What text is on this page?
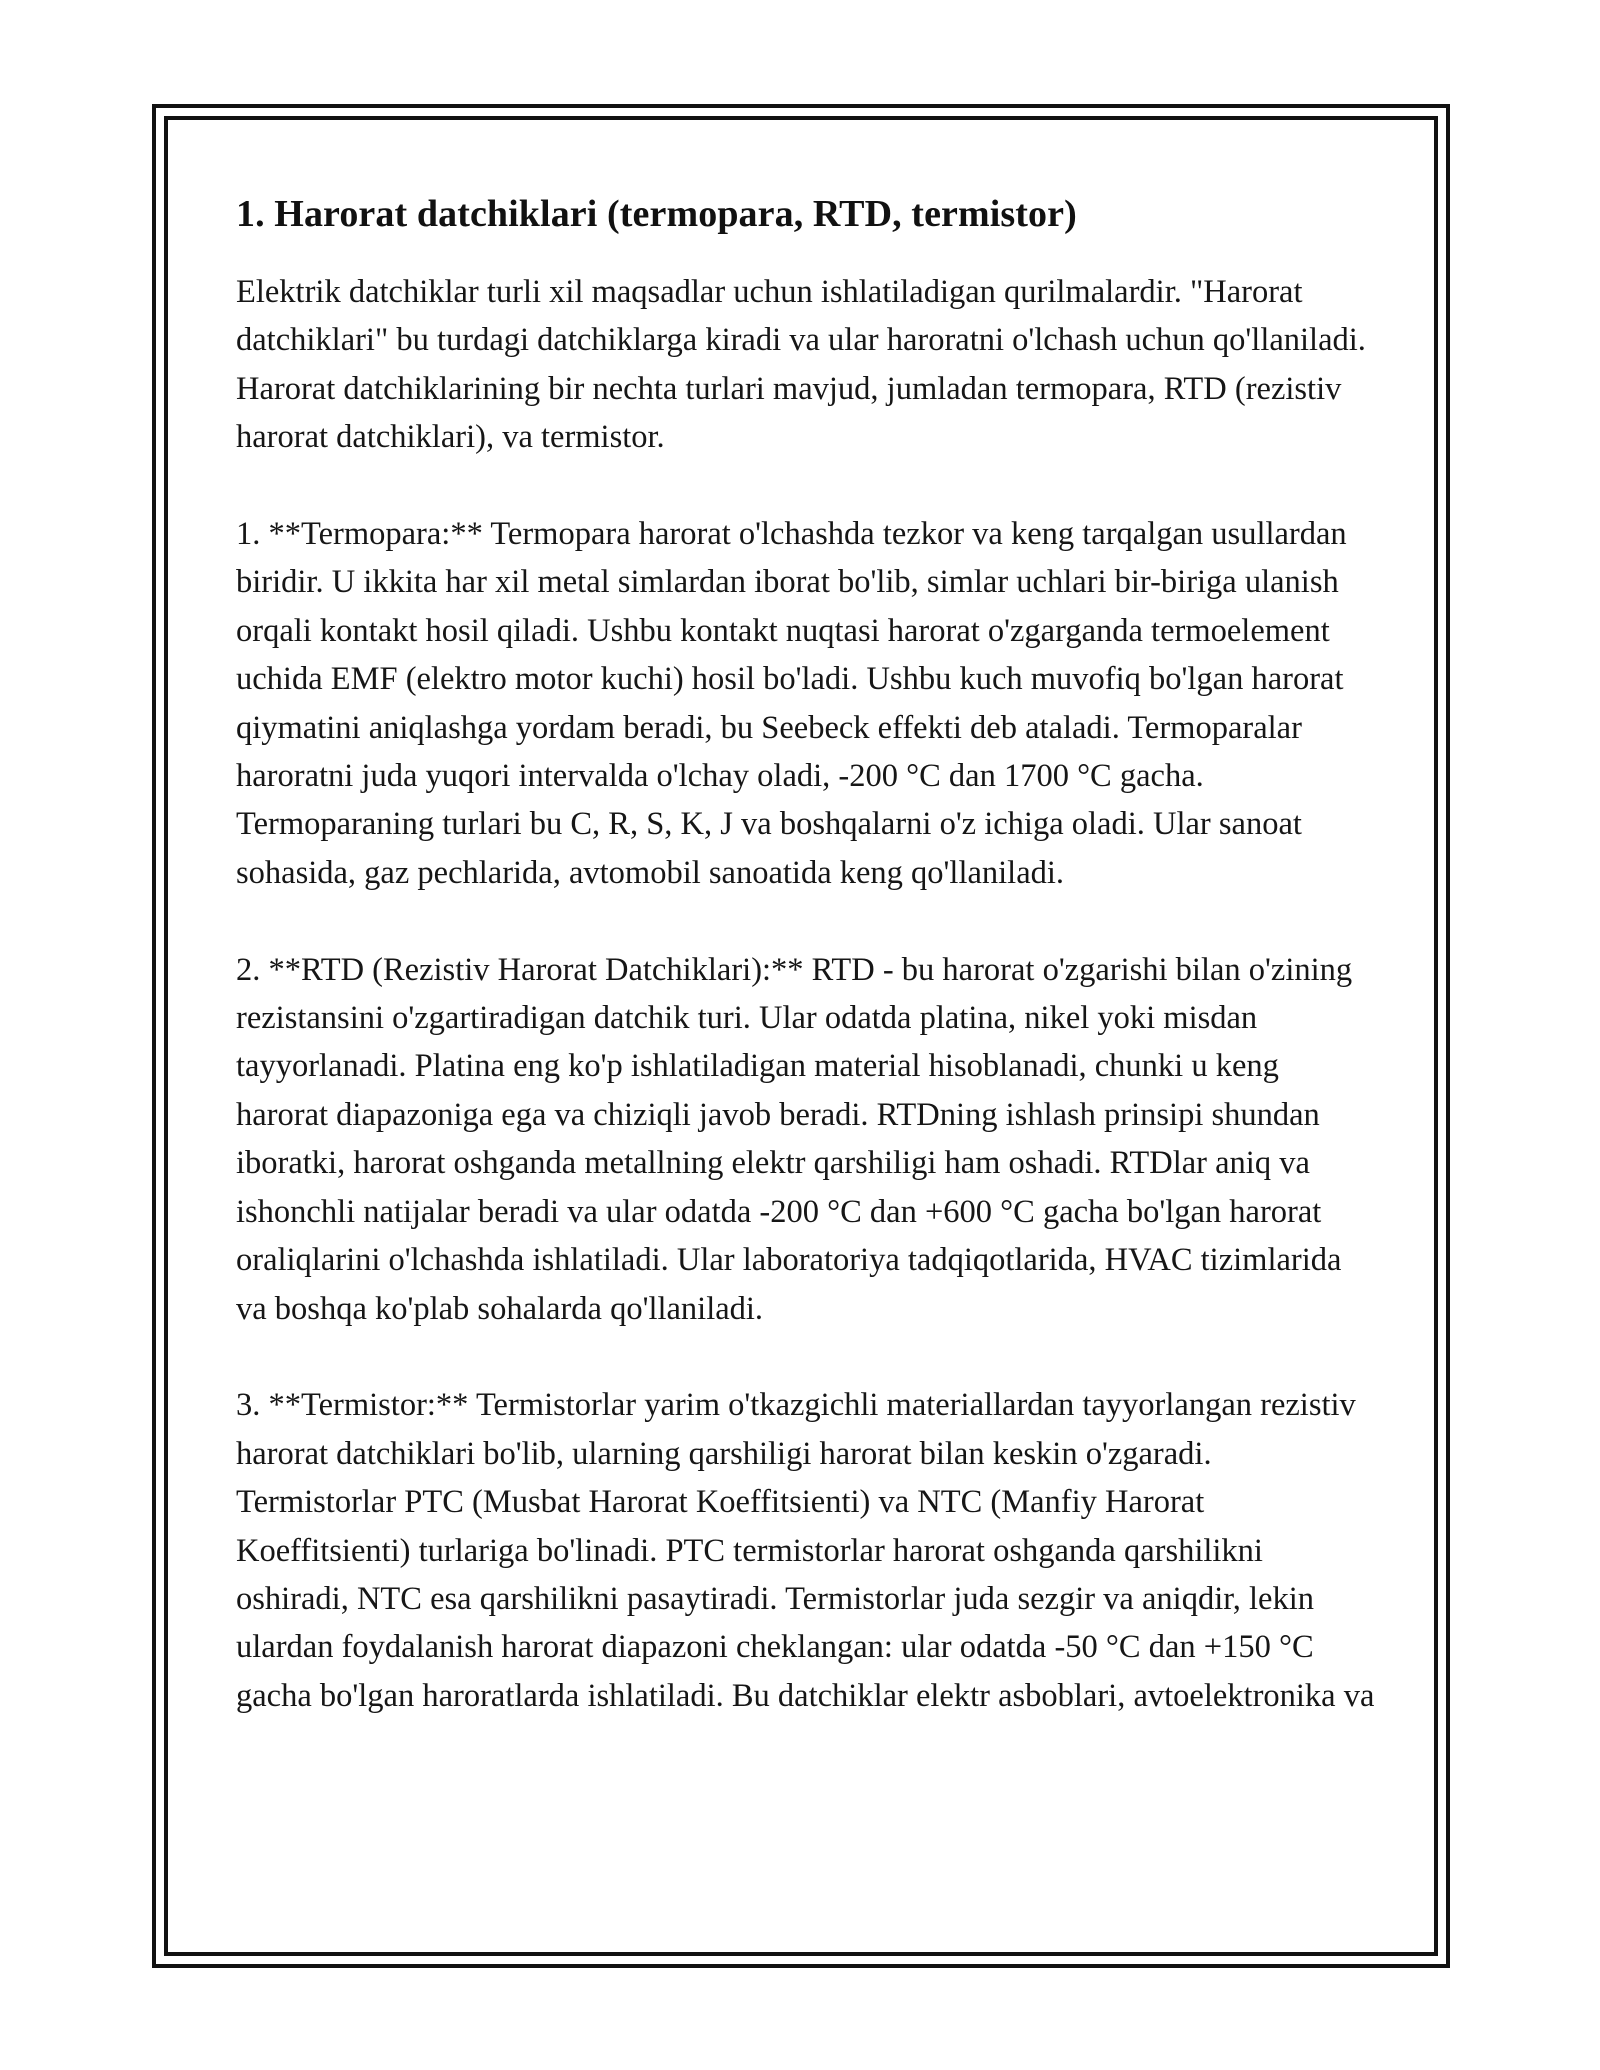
1. Harorat datchiklari (termopara, RTD, termistor)

Elektrik datchiklar turli xil maqsadlar uchun ishlatiladigan qurilmalardir. "Harorat datchiklari" bu turdagi datchiklarga kiradi va ular haroratni o'lchash uchun qo'llaniladi. Harorat datchiklarining bir nechta turlari mavjud, jumladan termopara, RTD (rezistiv harorat datchiklari), va termistor.

1. **Termopara:** Termopara harorat o'lchashda tezkor va keng tarqalgan usullardan biridir. U ikkita har xil metal simlardan iborat bo'lib, simlar uchlari bir-biriga ulanish orqali kontakt hosil qiladi. Ushbu kontakt nuqtasi harorat o'zgarganda termoelement uchida EMF (elektro motor kuchi) hosil bo'ladi. Ushbu kuch muvofiq bo'lgan harorat qiymatini aniqlashga yordam beradi, bu Seebeck effekti deb ataladi. Termoparalar haroratni juda yuqori intervalda o'lchay oladi, -200 °C dan 1700 °C gacha. Termoparaning turlari bu C, R, S, K, J va boshqalarni o'z ichiga oladi. Ular sanoat sohasida, gaz pechlarida, avtomobil sanoatida keng qo'llaniladi.

2. **RTD (Rezistiv Harorat Datchiklari):** RTD - bu harorat o'zgarishi bilan o'zining rezistansini o'zgartiradigan datchik turi. Ular odatda platina, nikel yoki misdan tayyorlanadi. Platina eng ko'p ishlatiladigan material hisoblanadi, chunki u keng harorat diapazoniga ega va chiziqli javob beradi. RTDning ishlash prinsipi shundan iboratki, harorat oshganda metallning elektr qarshiligi ham oshadi. RTDlar aniq va ishonchli natijalar beradi va ular odatda -200 °C dan +600 °C gacha bo'lgan harorat oraliqlarini o'lchashda ishlatiladi. Ular laboratoriya tadqiqotlarida, HVAC tizimlarida va boshqa ko'plab sohalarda qo'llaniladi.

3. **Termistor:** Termistorlar yarim o'tkazgichli materiallardan tayyorlangan rezistiv harorat datchiklari bo'lib, ularning qarshiligi harorat bilan keskin o'zgaradi. Termistorlar PTC (Musbat Harorat Koeffitsienti) va NTC (Manfiy Harorat Koeffitsienti) turlariga bo'linadi. PTC termistorlar harorat oshganda qarshilikni oshiradi, NTC esa qarshilikni pasaytiradi. Termistorlar juda sezgir va aniqdir, lekin ulardan foydalanish harorat diapazoni cheklangan: ular odatda -50 °C dan +150 °C gacha bo'lgan haroratlarda ishlatiladi. Bu datchiklar elektr asboblari, avtoelektronika va
